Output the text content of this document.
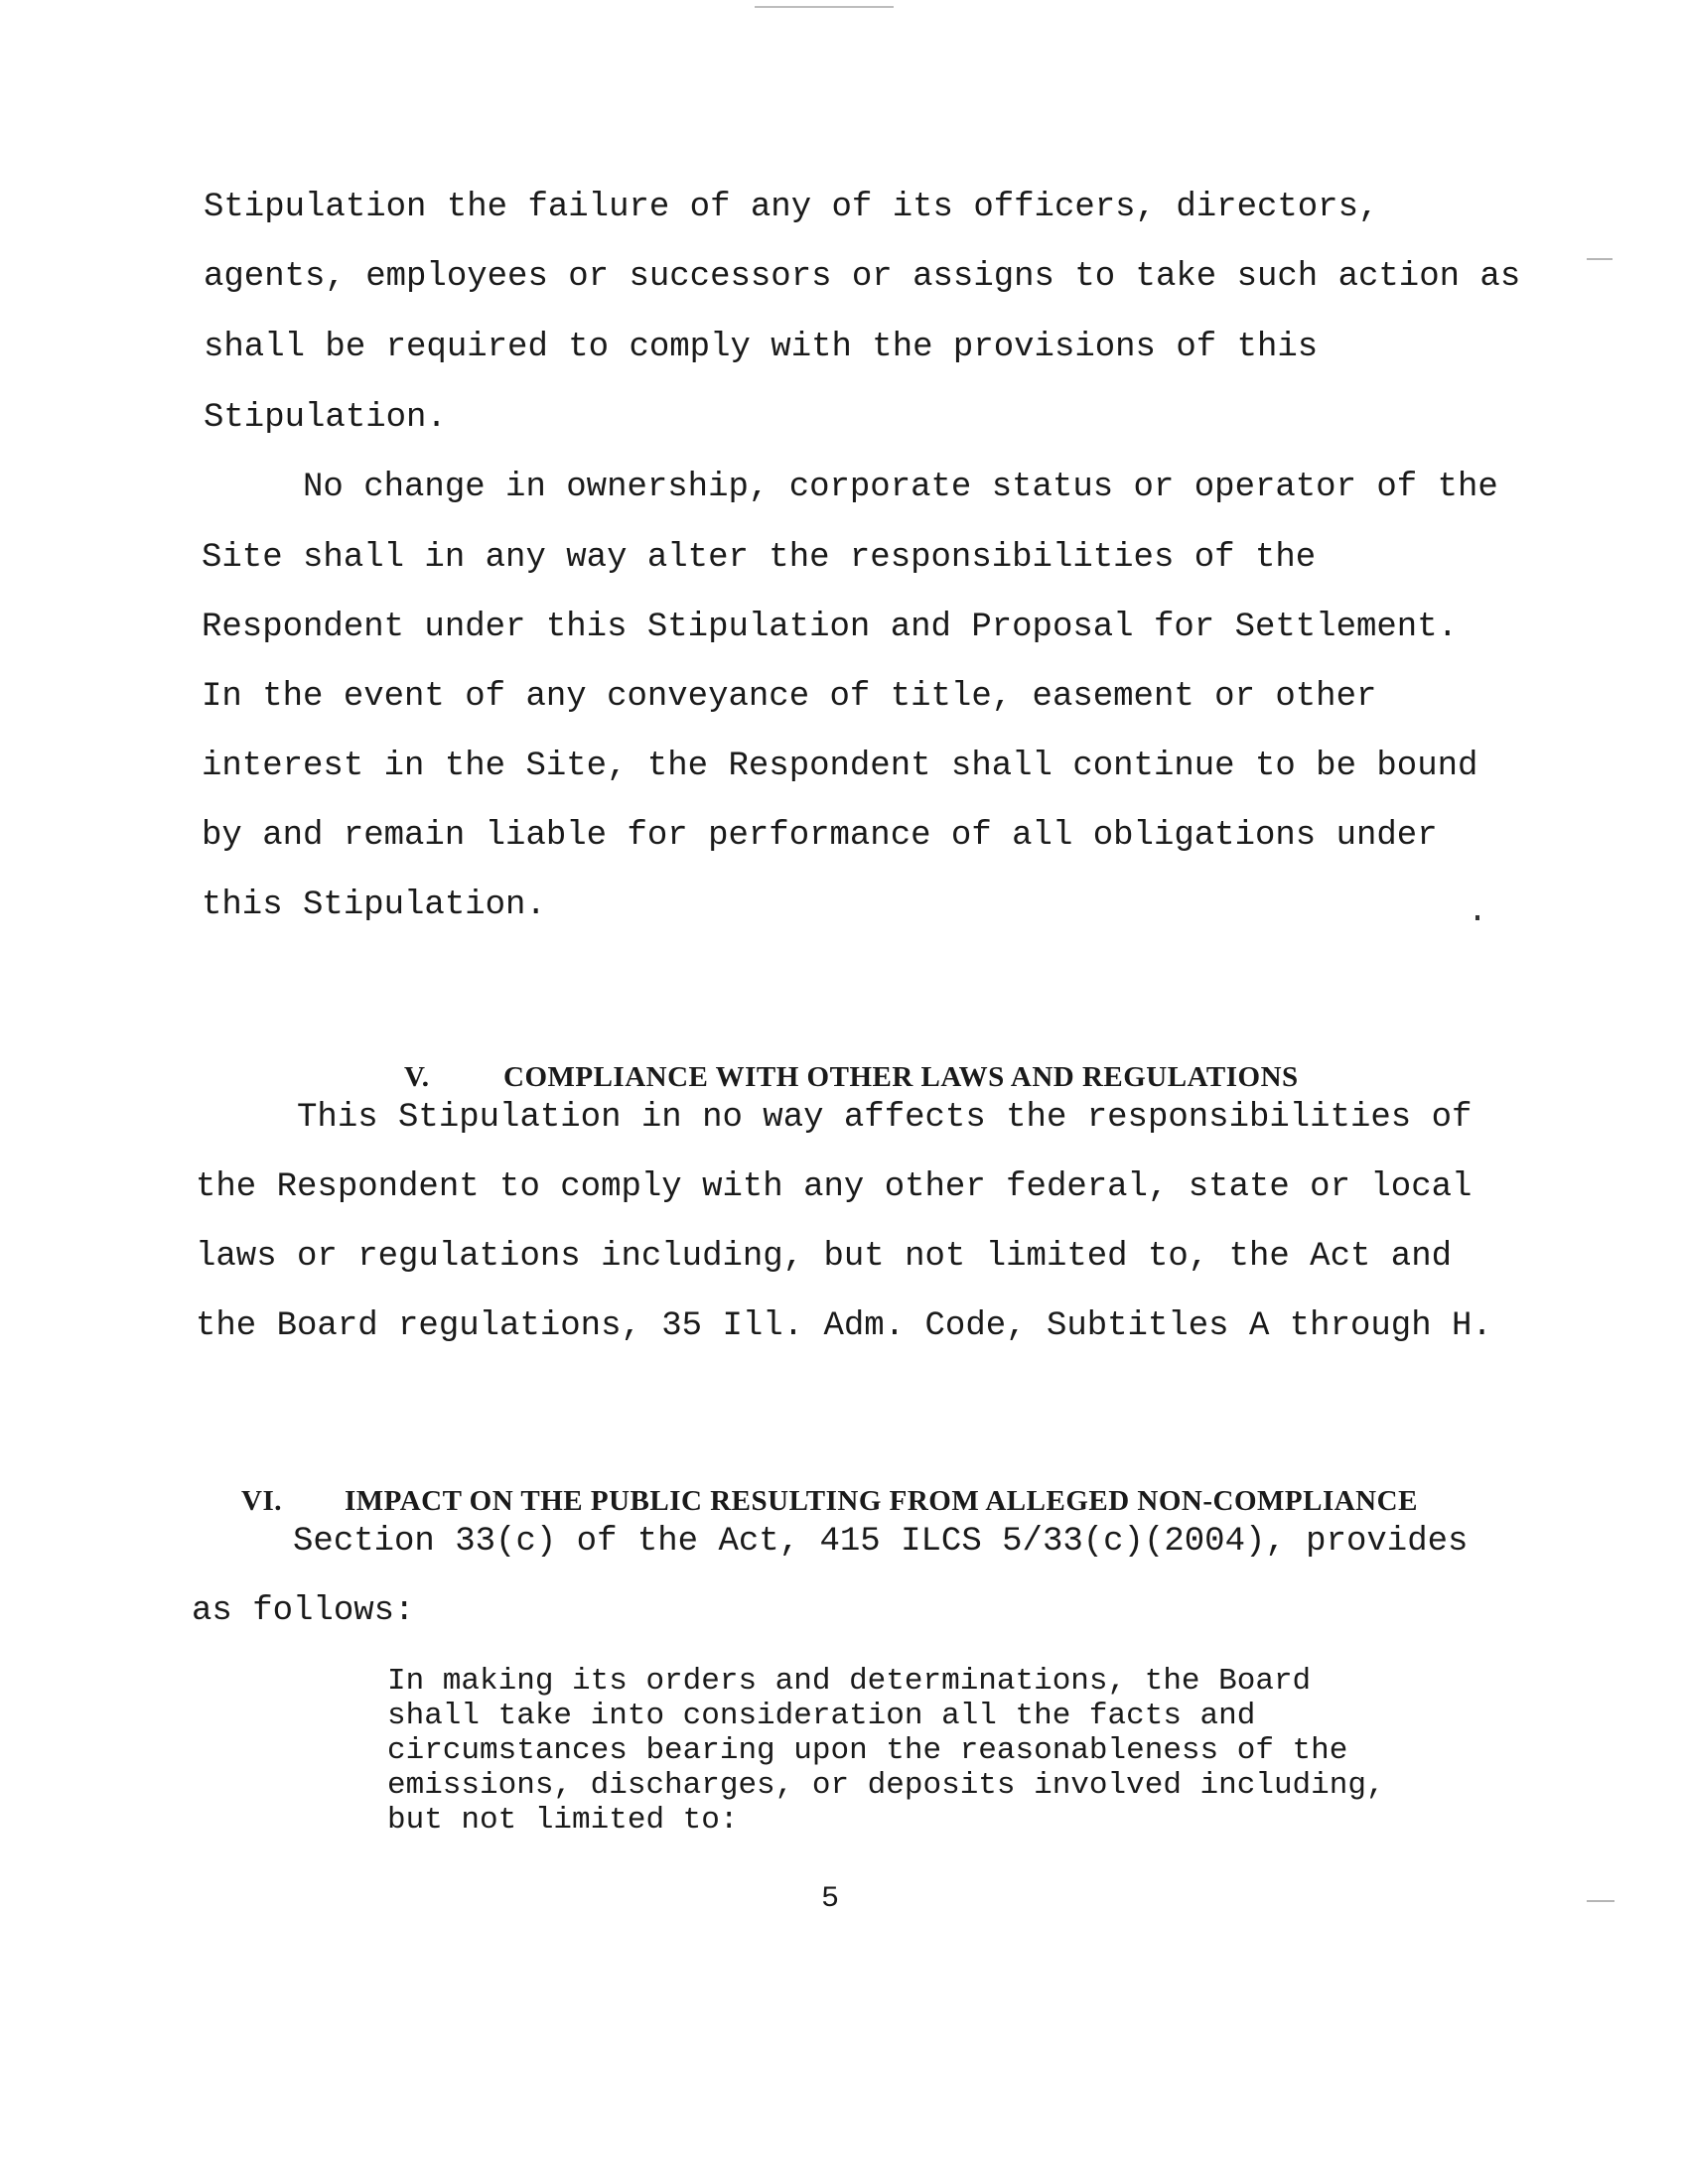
Stipulation the failure of any of its officers, directors,
agents, employees or successors or assigns to take such action as
shall be required to comply with the provisions of this
Stipulation.
No change in ownership, corporate status or operator of the
Site shall in any way alter the responsibilities of the
Respondent under this Stipulation and Proposal for Settlement.
In the event of any conveyance of title, easement or other
interest in the Site, the Respondent shall continue to be bound
by and remain liable for performance of all obligations under
this Stipulation.

V.	COMPLIANCE WITH OTHER LAWS AND REGULATIONS

This Stipulation in no way affects the responsibilities of
the Respondent to comply with any other federal, state or local
laws or regulations including, but not limited to, the Act and
the Board regulations, 35 Ill. Adm. Code, Subtitles A through H.

VI. IMPACT ON THE PUBLIC RESULTING FROM ALLEGED NON-COMPLIANCE

Section 33(c) of the Act, 415 ILCS 5/33(c)(2004), provides
as follows:
In making its orders and determinations, the Board
shall take into consideration all the facts and
circumstances bearing upon the reasonableness of the
emissions, discharges, or deposits involved including,
but not limited to:
5
